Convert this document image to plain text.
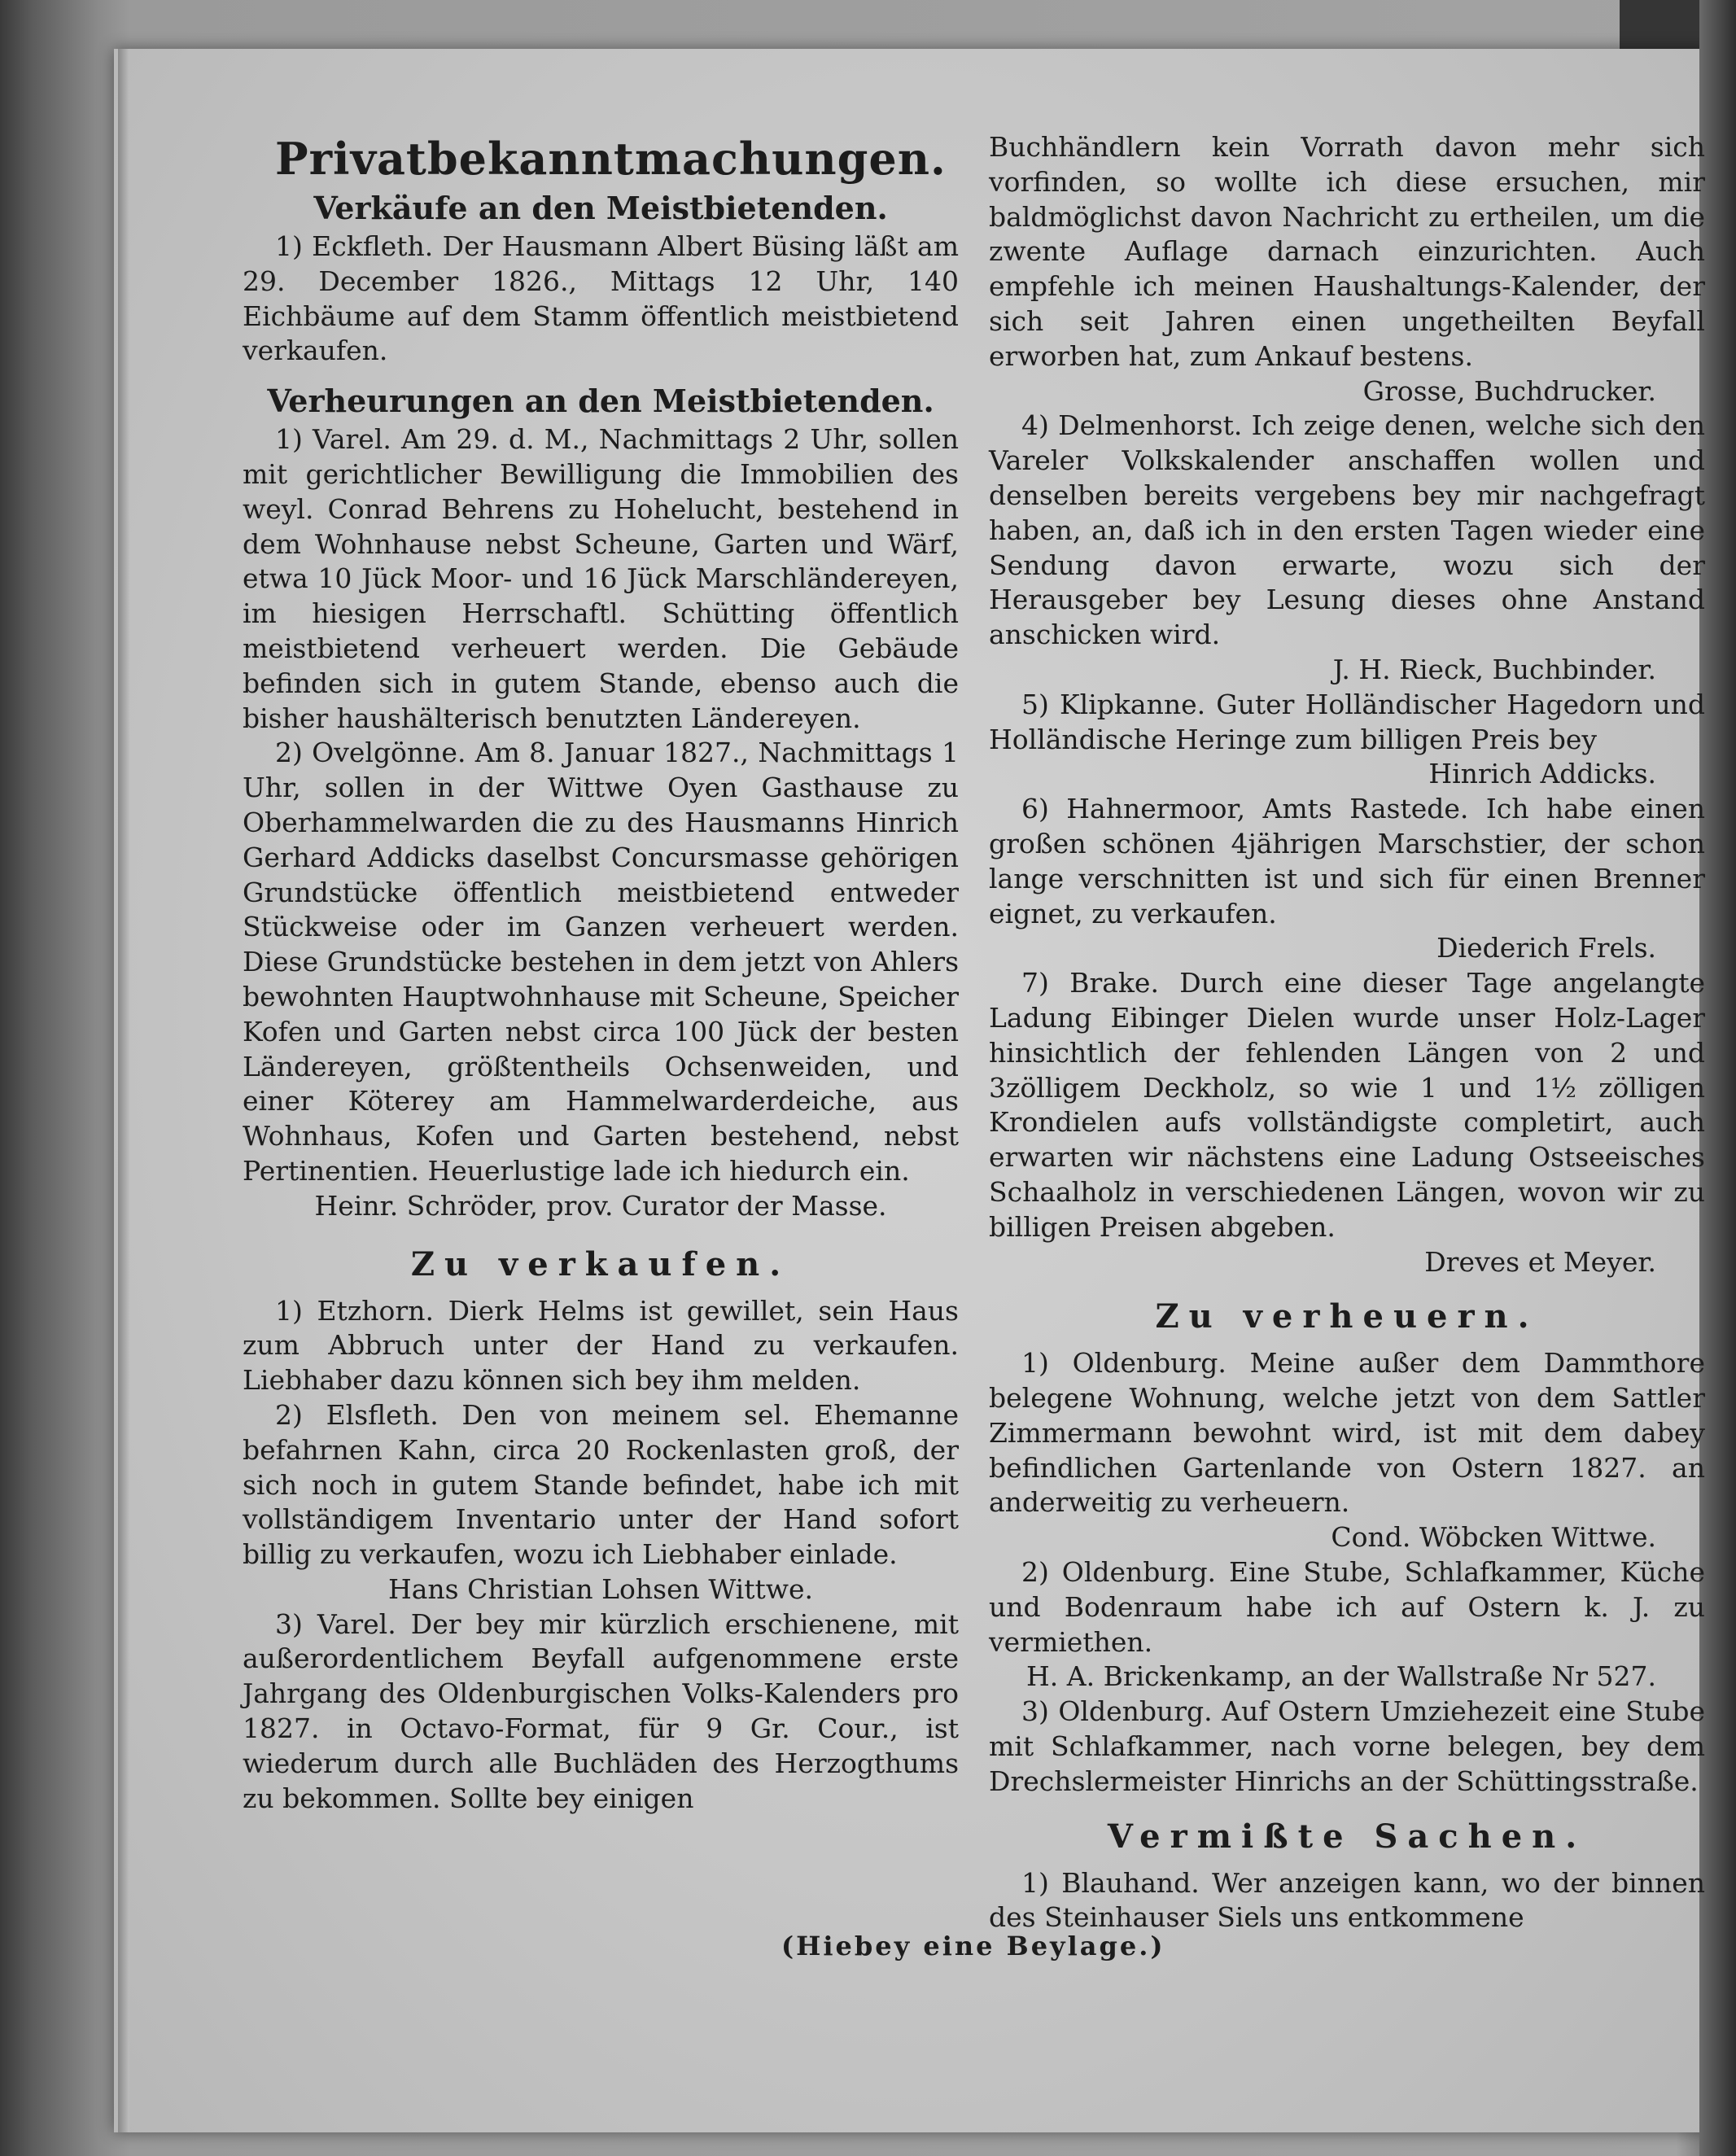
Privatbekanntmachungen.

Verkäufe an den Meistbietenden.

1) Eckfleth. Der Hausmann Albert Büsing läßt am 29. December 1826., Mittags 12 Uhr, 140 Eichbäume auf dem Stamm öffentlich meistbietend verkaufen.

Verheurungen an den Meistbietenden.

1) Varel. Am 29. d. M., Nachmittags 2 Uhr, sollen mit gerichtlicher Bewilligung die Immobilien des weyl. Conrad Behrens zu Hohelucht, bestehend in dem Wohnhause nebst Scheune, Garten und Wärf, etwa 10 Jück Moor- und 16 Jück Marschländereyen, im hiesigen Herrschaftl. Schütting öffentlich meistbietend verheuert werden. Die Gebäude befinden sich in gutem Stande, ebenso auch die bisher haushälterisch benutzten Ländereyen.

2) Ovelgönne. Am 8. Januar 1827., Nachmittags 1 Uhr, sollen in der Wittwe Oyen Gasthause zu Oberhammelwarden die zu des Hausmanns Hinrich Gerhard Addicks daselbst Concursmasse gehörigen Grundstücke öffentlich meistbietend entweder Stückweise oder im Ganzen verheuert werden. Diese Grundstücke bestehen in dem jetzt von Ahlers bewohnten Hauptwohnhause mit Scheune, Speicher Kofen und Garten nebst circa 100 Jück der besten Ländereyen, größtentheils Ochsenweiden, und einer Köterey am Hammelwarderdeiche, aus Wohnhaus, Kofen und Garten bestehend, nebst Pertinentien. Heuerlustige lade ich hiedurch ein.

Heinr. Schröder, prov. Curator der Masse.

Zu verkaufen.

1) Etzhorn. Dierk Helms ist gewillet, sein Haus zum Abbruch unter der Hand zu verkaufen. Liebhaber dazu können sich bey ihm melden.

2) Elsfleth. Den von meinem sel. Ehemanne befahrnen Kahn, circa 20 Rockenlasten groß, der sich noch in gutem Stande befindet, habe ich mit vollständigem Inventario unter der Hand sofort billig zu verkaufen, wozu ich Liebhaber einlade.

Hans Christian Lohsen Wittwe.

3) Varel. Der bey mir kürzlich erschienene, mit außerordentlichem Beyfall aufgenommene erste Jahrgang des Oldenburgischen Volks-Kalenders pro 1827. in Octavo-Format, für 9 Gr. Cour., ist wiederum durch alle Buchläden des Herzogthums zu bekommen. Sollte bey einigen

Buchhändlern kein Vorrath davon mehr sich vorfinden, so wollte ich diese ersuchen, mir baldmöglichst davon Nachricht zu ertheilen, um die zwente Auflage darnach einzurichten. Auch empfehle ich meinen Haushaltungs-Kalender, der sich seit Jahren einen ungetheilten Beyfall erworben hat, zum Ankauf bestens.

Grosse, Buchdrucker.

4) Delmenhorst. Ich zeige denen, welche sich den Vareler Volkskalender anschaffen wollen und denselben bereits vergebens bey mir nachgefragt haben, an, daß ich in den ersten Tagen wieder eine Sendung davon erwarte, wozu sich der Herausgeber bey Lesung dieses ohne Anstand anschicken wird.

J. H. Rieck, Buchbinder.

5) Klipkanne. Guter Holländischer Hagedorn und Holländische Heringe zum billigen Preis bey

Hinrich Addicks.

6) Hahnermoor, Amts Rastede. Ich habe einen großen schönen 4jährigen Marschstier, der schon lange verschnitten ist und sich für einen Brenner eignet, zu verkaufen.

Diederich Frels.

7) Brake. Durch eine dieser Tage angelangte Ladung Eibinger Dielen wurde unser Holz-Lager hinsichtlich der fehlenden Längen von 2 und 3zölligem Deckholz, so wie 1 und 1½ zölligen Krondielen aufs vollständigste completirt, auch erwarten wir nächstens eine Ladung Ostseeisches Schaalholz in verschiedenen Längen, wovon wir zu billigen Preisen abgeben.

Dreves et Meyer.

Zu verheuern.

1) Oldenburg. Meine außer dem Dammthore belegene Wohnung, welche jetzt von dem Sattler Zimmermann bewohnt wird, ist mit dem dabey befindlichen Gartenlande von Ostern 1827. an anderweitig zu verheuern.

Cond. Wöbcken Wittwe.

2) Oldenburg. Eine Stube, Schlafkammer, Küche und Bodenraum habe ich auf Ostern k. J. zu vermiethen.

H. A. Brickenkamp, an der Wallstraße Nr 527.

3) Oldenburg. Auf Ostern Umziehezeit eine Stube mit Schlafkammer, nach vorne belegen, bey dem Drechslermeister Hinrichs an der Schüttingsstraße.

Vermißte Sachen.

1) Blauhand. Wer anzeigen kann, wo der binnen des Steinhauser Siels uns entkommene

(Hiebey eine Beylage.)
